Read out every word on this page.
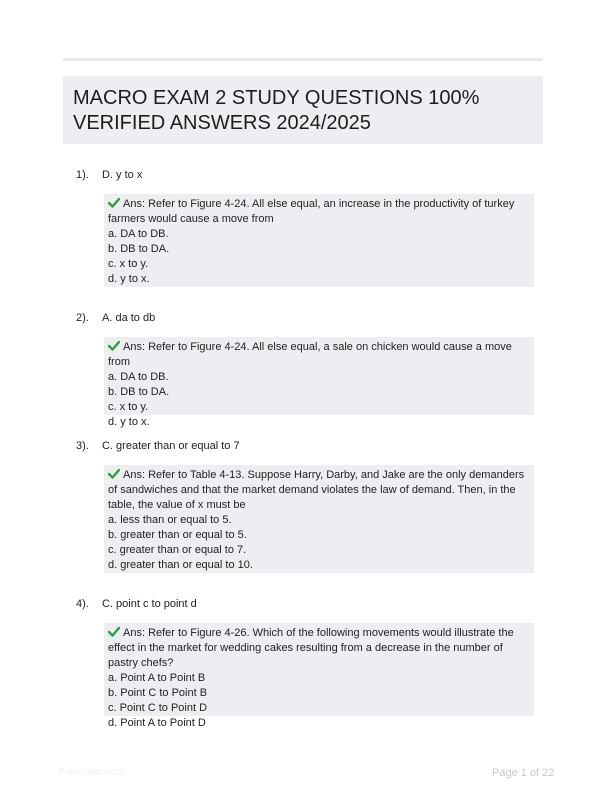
MACRO EXAM 2 STUDY QUESTIONS 100% VERIFIED ANSWERS 2024/2025
1). D. y to x
Ans: Refer to Figure 4-24. All else equal, an increase in the productivity of turkey farmers would cause a move from
a. DA to DB.
b. DB to DA.
c. x to y.
d. y to x.
2). A. da to db
Ans: Refer to Figure 4-24. All else equal, a sale on chicken would cause a move from
a. DA to DB.
b. DB to DA.
c. x to y.
d. y to x.
3). C. greater than or equal to 7
Ans: Refer to Table 4-13. Suppose Harry, Darby, and Jake are the only demanders of sandwiches and that the market demand violates the law of demand. Then, in the table, the value of x must be
a. less than or equal to 5.
b. greater than or equal to 5.
c. greater than or equal to 7.
d. greater than or equal to 10.
4). C. point c to point d
Ans: Refer to Figure 4-26. Which of the following movements would illustrate the effect in the market for wedding cakes resulting from a decrease in the number of pastry chefs?
a. Point A to Point B
b. Point C to Point B
c. Point C to Point D
d. Point A to Point D
Paper9ibc.com	Page 1 of 22
